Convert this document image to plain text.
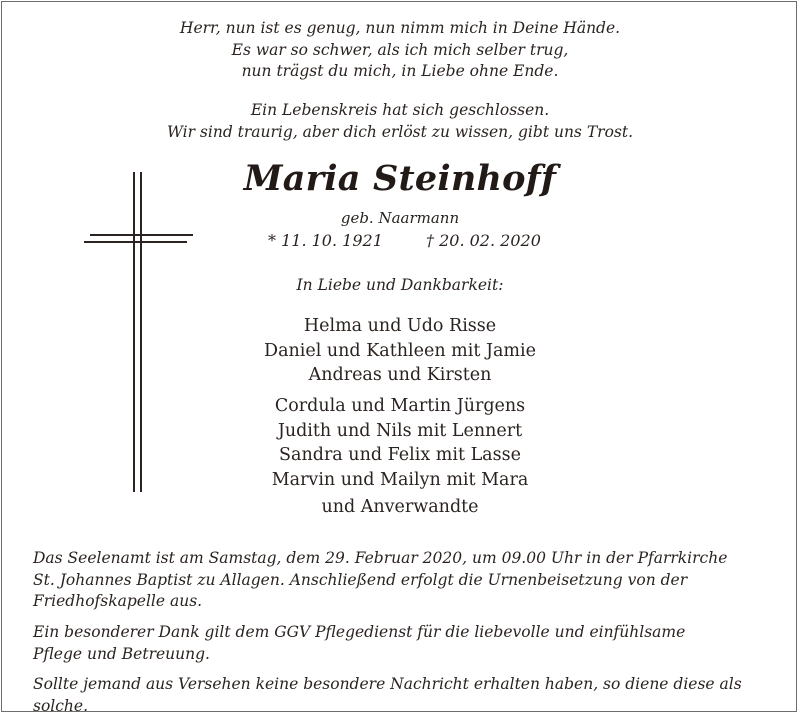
Herr, nun ist es genug, nun nimm mich in Deine Hände.
Es war so schwer, als ich mich selber trug,
nun trägst du mich, in Liebe ohne Ende.
Ein Lebenskreis hat sich geschlossen.
Wir sind traurig, aber dich erlöst zu wissen, gibt uns Trost.
Maria Steinhoff
geb. Naarmann
* 11. 10. 1921	† 20. 02. 2020
In Liebe und Dankbarkeit:
Helma und Udo Risse
Daniel und Kathleen mit Jamie
Andreas und Kirsten
Cordula und Martin Jürgens
Judith und Nils mit Lennert
Sandra und Felix mit Lasse
Marvin und Mailyn mit Mara
und Anverwandte
Das Seelenamt ist am Samstag, dem 29. Februar 2020, um 09.00 Uhr in der Pfarrkirche
St. Johannes Baptist zu Allagen. Anschließend erfolgt die Urnenbeisetzung von der
Friedhofskapelle aus.
Ein besonderer Dank gilt dem GGV Pflegedienst für die liebevolle und einfühlsame
Pflege und Betreuung.
Sollte jemand aus Versehen keine besondere Nachricht erhalten haben, so diene diese als solche.
